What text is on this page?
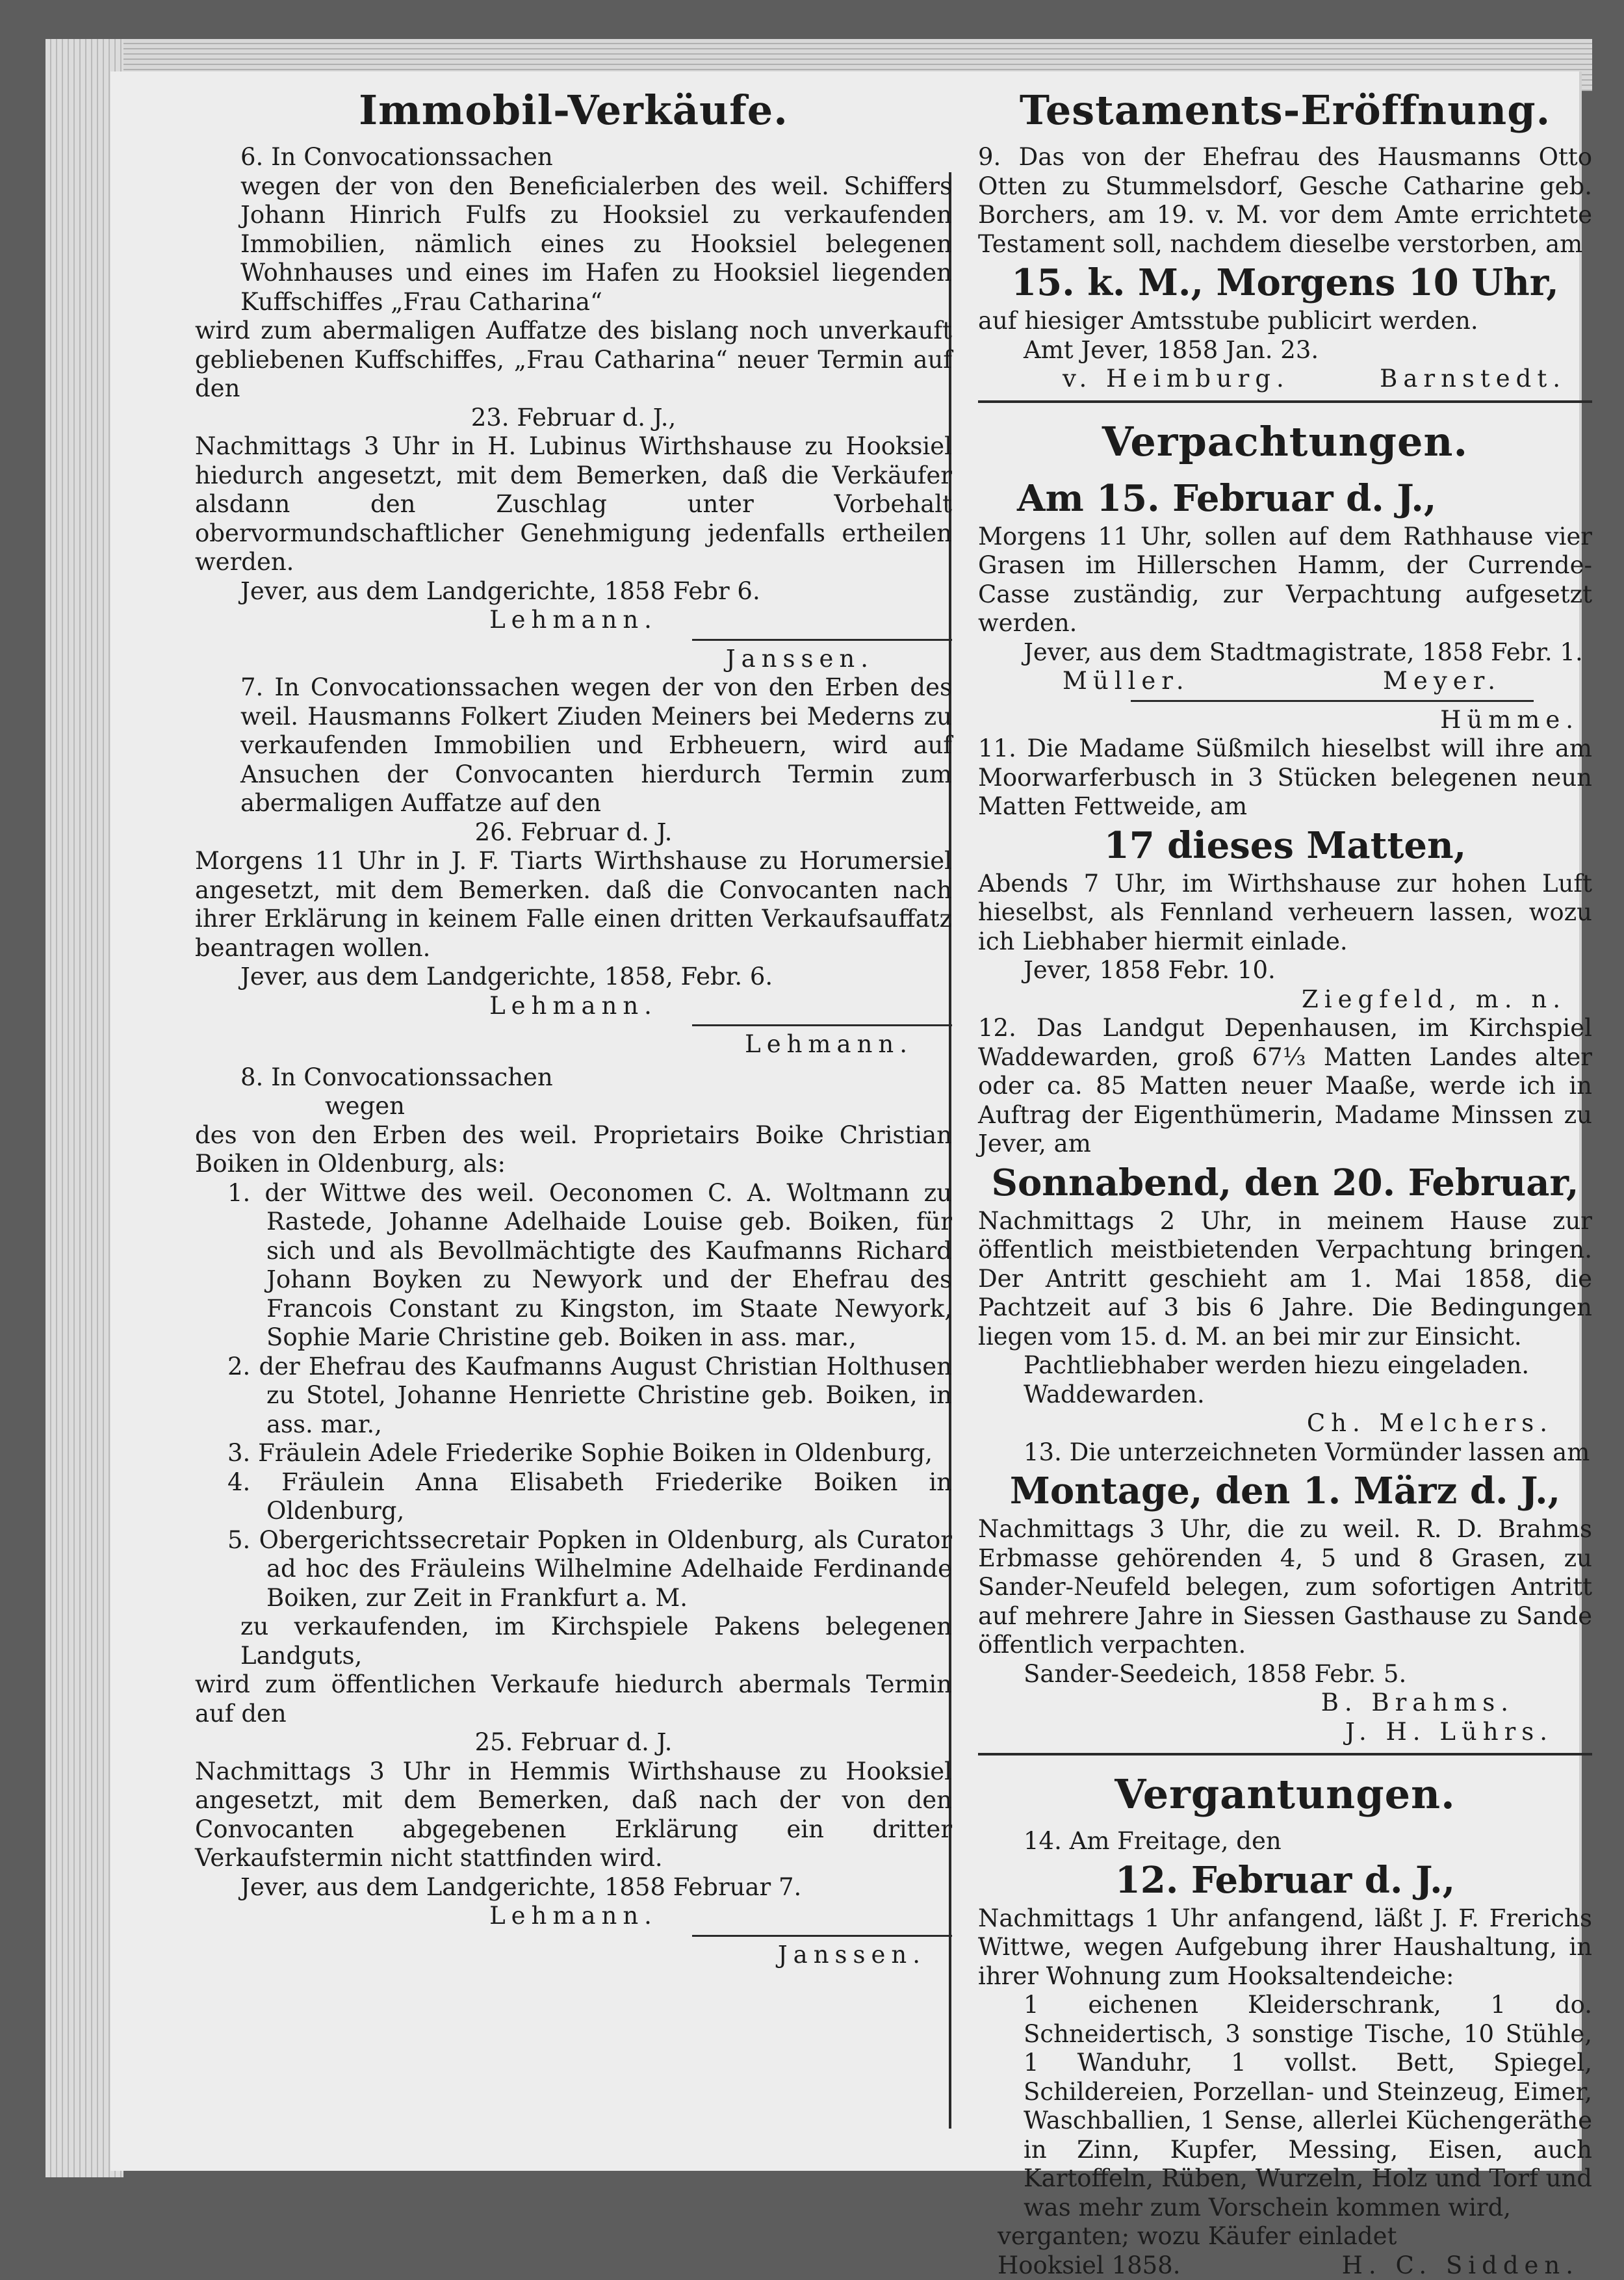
Immobil-Verkäufe.
6. In Convocationssachen
wegen der von den Beneficialerben des weil. Schiffers Johann Hinrich Fulfs zu Hooksiel zu verkaufenden Immobilien, nämlich eines zu Hooksiel belegenen Wohnhauses und eines im Hafen zu Hooksiel liegenden Kuffschiffes „Frau Catharina“
wird zum abermaligen Auffatze des bislang noch unverkauft gebliebenen Kuffschiffes, „Frau Catharina“ neuer Termin auf den
23. Februar d. J.,
Nachmittags 3 Uhr in H. Lubinus Wirthshause zu Hooksiel hiedurch angesetzt, mit dem Bemerken, daß die Verkäufer alsdann den Zuschlag unter Vorbehalt obervormundschaftlicher Genehmigung jedenfalls ertheilen werden.
Jever, aus dem Landgerichte, 1858 Febr 6.
Lehmann.
Janssen.
7. In Convocationssachen wegen der von den Erben des weil. Hausmanns Folkert Ziuden Meiners bei Mederns zu verkaufenden Immobilien und Erbheuern, wird auf Ansuchen der Convocanten hierdurch Termin zum abermaligen Auffatze auf den
26. Februar d. J.
Morgens 11 Uhr in J. F. Tiarts Wirthshause zu Horumersiel angesetzt, mit dem Bemerken. daß die Convocanten nach ihrer Erklärung in keinem Falle einen dritten Verkaufsauffatz beantragen wollen.
Jever, aus dem Landgerichte, 1858, Febr. 6.
Lehmann.
Lehmann.
8. In Convocationssachen
wegen
des von den Erben des weil. Proprietairs Boike Christian Boiken in Oldenburg, als:
1. der Wittwe des weil. Oeconomen C. A. Woltmann zu Rastede, Johanne Adelhaide Louise geb. Boiken, für sich und als Bevollmächtigte des Kaufmanns Richard Johann Boyken zu Newyork und der Ehefrau des Francois Constant zu Kingston, im Staate Newyork, Sophie Marie Christine geb. Boiken in ass. mar.,
2. der Ehefrau des Kaufmanns August Christian Holthusen zu Stotel, Johanne Henriette Christine geb. Boiken, in ass. mar.,
3. Fräulein Adele Friederike Sophie Boiken in Oldenburg,
4. Fräulein Anna Elisabeth Friederike Boiken in Oldenburg,
5. Obergerichtssecretair Popken in Oldenburg, als Curator ad hoc des Fräuleins Wilhelmine Adelhaide Ferdinande Boiken, zur Zeit in Frankfurt a. M.
zu verkaufenden, im Kirchspiele Pakens belegenen Landguts,
wird zum öffentlichen Verkaufe hiedurch abermals Termin auf den
25. Februar d. J.
Nachmittags 3 Uhr in Hemmis Wirthshause zu Hooksiel angesetzt, mit dem Bemerken, daß nach der von den Convocanten abgegebenen Erklärung ein dritter Verkaufstermin nicht stattfinden wird.
Jever, aus dem Landgerichte, 1858 Februar 7.
Lehmann.
Janssen.
Testaments-Eröffnung.
9. Das von der Ehefrau des Hausmanns Otto Otten zu Stummelsdorf, Gesche Catharine geb. Borchers, am 19. v. M. vor dem Amte errichtete Testament soll, nachdem dieselbe verstorben, am
15. k. M., Morgens 10 Uhr,
auf hiesiger Amtsstube publicirt werden.
Amt Jever, 1858 Jan. 23.
v. Heimburg.	Barnstedt.
Verpachtungen.
Am 15. Februar d. J.,
Morgens 11 Uhr, sollen auf dem Rathhause vier Grasen im Hillerschen Hamm, der Currende-Casse zuständig, zur Verpachtung aufgesetzt werden.
Jever, aus dem Stadtmagistrate, 1858 Febr. 1.
Müller.	Meyer.
Hümme.
11. Die Madame Süßmilch hieselbst will ihre am Moorwarferbusch in 3 Stücken belegenen neun Matten Fettweide, am
17 dieses Matten,
Abends 7 Uhr, im Wirthshause zur hohen Luft hieselbst, als Fennland verheuern lassen, wozu ich Liebhaber hiermit einlade.
Jever, 1858 Febr. 10.
Ziegfeld, m. n.
12. Das Landgut Depenhausen, im Kirchspiel Waddewarden, groß 67⅓ Matten Landes alter oder ca. 85 Matten neuer Maaße, werde ich in Auftrag der Eigenthümerin, Madame Minssen zu Jever, am
Sonnabend, den 20. Februar,
Nachmittags 2 Uhr, in meinem Hause zur öffentlich meistbietenden Verpachtung bringen. Der Antritt geschieht am 1. Mai 1858, die Pachtzeit auf 3 bis 6 Jahre. Die Bedingungen liegen vom 15. d. M. an bei mir zur Einsicht.
Pachtliebhaber werden hiezu eingeladen.
Waddewarden.
Ch. Melchers.
13. Die unterzeichneten Vormünder lassen am
Montage, den 1. März d. J.,
Nachmittags 3 Uhr, die zu weil. R. D. Brahms Erbmasse gehörenden 4, 5 und 8 Grasen, zu Sander-Neufeld belegen, zum sofortigen Antritt auf mehrere Jahre in Siessen Gasthause zu Sande öffentlich verpachten.
Sander-Seedeich, 1858 Febr. 5.
B. Brahms.
J. H. Lührs.
Vergantungen.
14. Am Freitage, den
12. Februar d. J.,
Nachmittags 1 Uhr anfangend, läßt J. F. Frerichs Wittwe, wegen Aufgebung ihrer Haushaltung, in ihrer Wohnung zum Hooksaltendeiche:
1 eichenen Kleiderschrank, 1 do. Schneidertisch, 3 sonstige Tische, 10 Stühle, 1 Wanduhr, 1 vollst. Bett, Spiegel, Schildereien, Porzellan- und Steinzeug, Eimer, Waschballien, 1 Sense, allerlei Küchengeräthe in Zinn, Kupfer, Messing, Eisen, auch Kartoffeln, Rüben, Wurzeln, Holz und Torf und was mehr zum Vorschein kommen wird,
verganten; wozu Käufer einladet
Hooksiel 1858.	H. C. Sidden.
